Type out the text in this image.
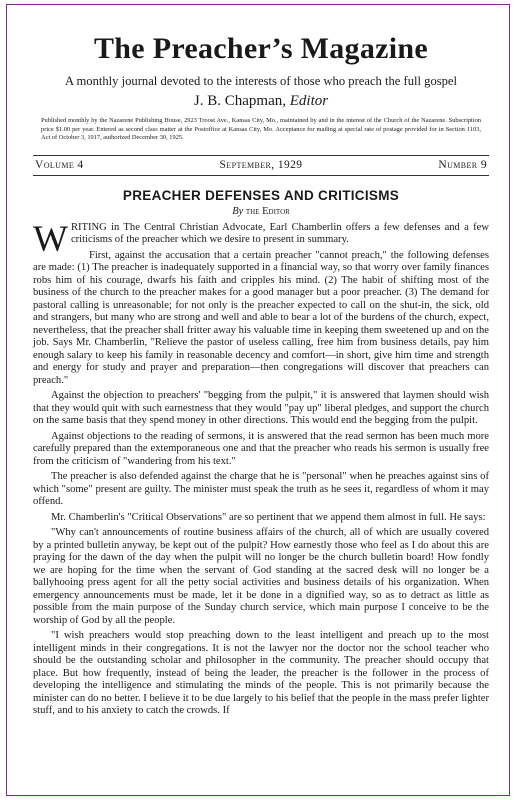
The Preacher’s Magazine
A monthly journal devoted to the interests of those who preach the full gospel
J. B. Chapman, Editor
Published monthly by the Nazarene Publishing House, 2923 Troost Ave., Kansas City, Mo., maintained by and in the interest of the Church of the Nazarene. Subscription price $1.00 per year. Entered as second class matter at the Postoffice at Kansas City, Mo. Acceptance for mailing at special rate of postage provided for in Section 1103, Act of October 3, 1917, authorized December 30, 1925.
Volume 4	September, 1929	Number 9
PREACHER DEFENSES AND CRITICISMS
By the Editor

WRITING in The Central Christian Advocate, Earl Chamberlin offers a few defenses and a few criticisms of the preacher which we desire to present in summary.

First, against the accusation that a certain preacher "cannot preach," the following defenses are made: (1) The preacher is inadequately supported in a financial way, so that worry over family finances robs him of his courage, dwarfs his faith and cripples his mind. (2) The habit of shifting most of the business of the church to the preacher makes for a good manager but a poor preacher. (3) The demand for pastoral calling is unreasonable; for not only is the preacher expected to call on the shut-in, the sick, old and strangers, but many who are strong and well and able to bear a lot of the burdens of the church, expect, nevertheless, that the preacher shall fritter away his valuable time in keeping them sweetened up and on the job. Says Mr. Chamberlin, "Relieve the pastor of useless calling, free him from business details, pay him enough salary to keep his family in reasonable decency and comfort—in short, give him time and strength and energy for study and prayer and preparation—then congregations will discover that preachers can preach."

Against the objection to preachers' "begging from the pulpit," it is answered that laymen should wish that they would quit with such earnestness that they would "pay up" liberal pledges, and support the church on the same basis that they spend money in other directions. This would end the begging from the pulpit.

Against objections to the reading of sermons, it is answered that the read sermon has been much more carefully prepared than the extemporaneous one and that the preacher who reads his sermon is usually free from the criticism of "wandering from his text."

The preacher is also defended against the charge that he is "personal" when he preaches against sins of which "some" present are guilty. The minister must speak the truth as he sees it, regardless of whom it may offend.

Mr. Chamberlin's "Critical Observations" are so pertinent that we append them almost in full. He says:

"Why can't announcements of routine business affairs of the church, all of which are usually covered by a printed bulletin anyway, be kept out of the pulpit? How earnestly those who feel as I do about this are praying for the dawn of the day when the pulpit will no longer be the church bulletin board! How fondly we are hoping for the time when the servant of God standing at the sacred desk will no longer be a ballyhooing press agent for all the petty social activities and business details of his organization. When emergency announcements must be made, let it be done in a dignified way, so as to detract as little as possible from the main purpose of the Sunday church service, which main purpose I conceive to be the worship of God by all the people.

"I wish preachers would stop preaching down to the least intelligent and preach up to the most intelligent minds in their congregations. It is not the lawyer nor the doctor nor the school teacher who should be the outstanding scholar and philosopher in the community. The preacher should occupy that place. But how frequently, instead of being the leader, the preacher is the follower in the process of developing the intelligence and stimulating the minds of the people. This is not primarily because the minister can do no better. I believe it to be due largely to his belief that the people in the mass prefer lighter stuff, and to his anxiety to catch the crowds. If
